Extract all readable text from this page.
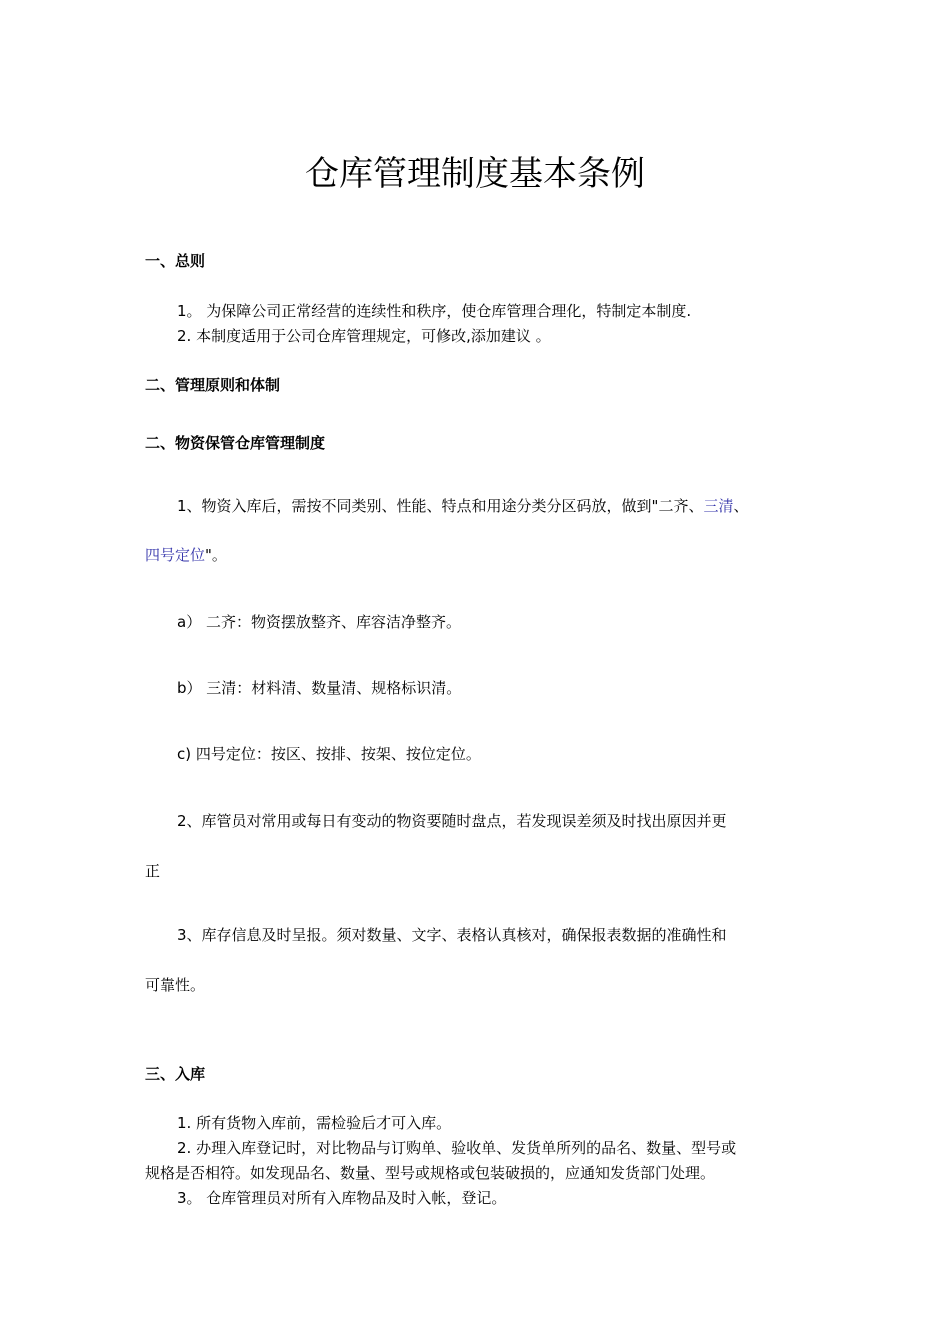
仓库管理制度基本条例
一、总则
1。 为保障公司正常经营的连续性和秩序，使仓库管理合理化，特制定本制度.
2. 本制度适用于公司仓库管理规定，可修改,添加建议 。
二、管理原则和体制
二、物资保管仓库管理制度
1、物资入库后，需按不同类别、性能、特点和用途分类分区码放，做到"二齐、三清、
四号定位"。
a） 二齐：物资摆放整齐、库容洁净整齐。
b） 三清：材料清、数量清、规格标识清。
c) 四号定位：按区、按排、按架、按位定位。
2、库管员对常用或每日有变动的物资要随时盘点，若发现误差须及时找出原因并更
正
3、库存信息及时呈报。须对数量、文字、表格认真核对，确保报表数据的准确性和
可靠性。
三、入库
1. 所有货物入库前，需检验后才可入库。
2. 办理入库登记时，对比物品与订购单、验收单、发货单所列的品名、数量、型号或
规格是否相符。如发现品名、数量、型号或规格或包装破损的，应通知发货部门处理。
3。 仓库管理员对所有入库物品及时入帐，登记。
